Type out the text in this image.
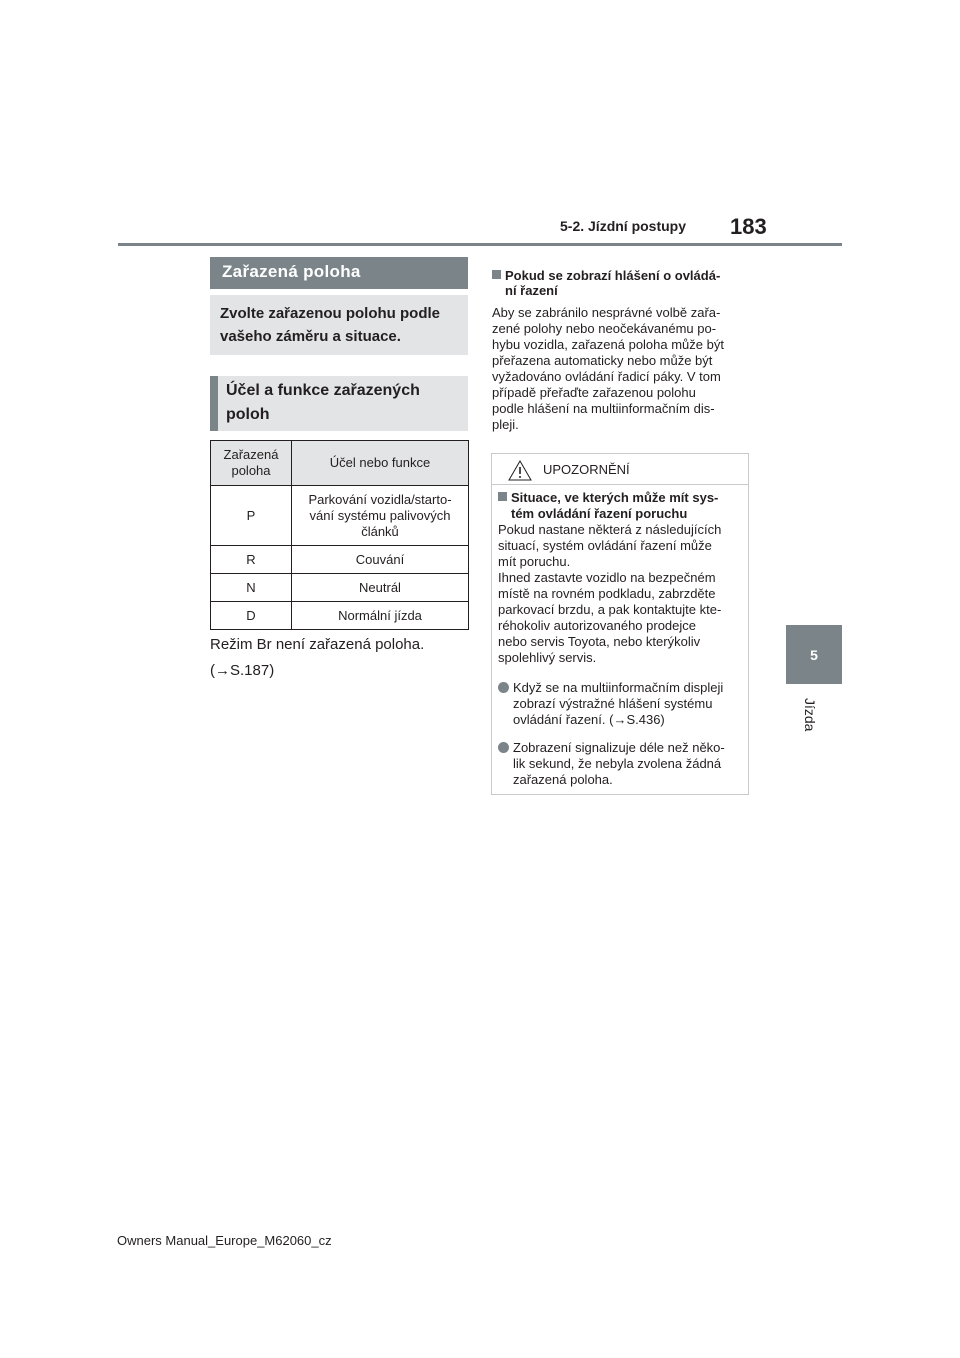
5-2. Jízdní postupy 183
5
Jízda
Zařazená poloha
Zvolte zařazenou polohu podle
vašeho záměru a situace.
Účel a funkce zařazených
poloh
Zařazená
poloha	Účel nebo funkce
P	Parkování vozidla/starto-
vání systému palivových
článků
R	Couvání
N	Neutrál
D	Normální jízda
Režim Br není zařazená poloha.
(→S.187)
Pokud se zobrazí hlášení o ovládá-
ní řazení
Aby se zabránilo nesprávné volbě zařa-
zené polohy nebo neočekávanému po-
hybu vozidla, zařazená poloha může být
přeřazena automaticky nebo může být
vyžadováno ovládání řadicí páky. V tom
případě přeřaďte zařazenou polohu
podle hlášení na multiinformačním dis-
pleji.
UPOZORNĚNÍ
Situace, ve kterých může mít sys-
tém ovládání řazení poruchu
Pokud nastane některá z následujících
situací, systém ovládání řazení může
mít poruchu.
Ihned zastavte vozidlo na bezpečném
místě na rovném podkladu, zabrzděte
parkovací brzdu, a pak kontaktujte kte-
réhokoliv autorizovaného prodejce
nebo servis Toyota, nebo kterýkoliv
spolehlivý servis.
Když se na multiinformačním displeji
zobrazí výstražné hlášení systému
ovládání řazení. (→S.436)
Zobrazení signalizuje déle než něko-
lik sekund, že nebyla zvolena žádná
zařazená poloha.
Owners Manual_Europe_M62060_cz
